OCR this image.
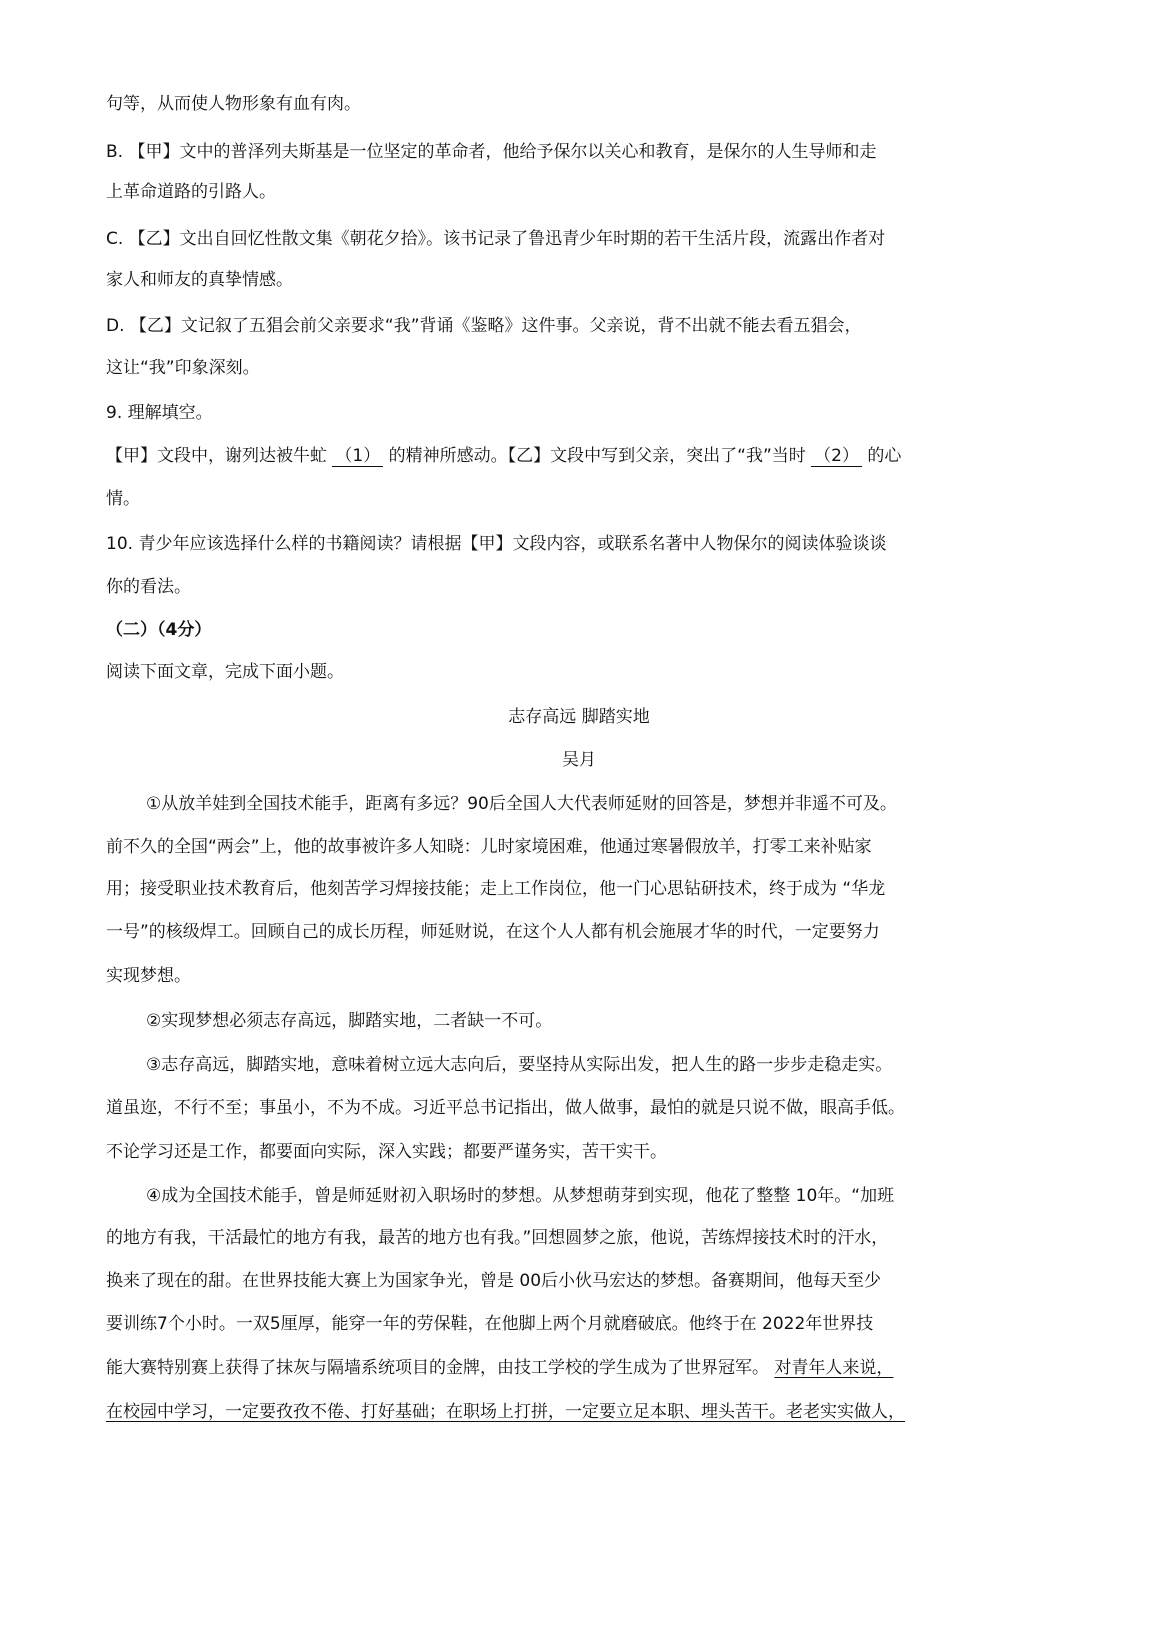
句等，从而使人物形象有血有肉。
B. 【甲】文中的普泽列夫斯基是一位坚定的革命者，他给予保尔以关心和教育，是保尔的人生导师和走
上革命道路的引路人。
C. 【乙】文出自回忆性散文集《朝花夕拾》。该书记录了鲁迅青少年时期的若干生活片段，流露出作者对
家人和师友的真挚情感。
D. 【乙】文记叙了五猖会前父亲要求“我”背诵《鉴略》这件事。父亲说，背不出就不能去看五猖会，
这让“我”印象深刻。
9. 理解填空。
【甲】文段中，谢列达被牛虻 （1） 的精神所感动。【乙】文段中写到父亲，突出了“我”当时 （2） 的心
情。
10. 青少年应该选择什么样的书籍阅读？请根据【甲】文段内容，或联系名著中人物保尔的阅读体验谈谈
你的看法。
（二）（4分）
阅读下面文章，完成下面小题。
志存高远 脚踏实地
吴月
①从放羊娃到全国技术能手，距离有多远？90后全国人大代表师延财的回答是，梦想并非遥不可及。
前不久的全国“两会”上，他的故事被许多人知晓：儿时家境困难，他通过寒暑假放羊，打零工来补贴家
用；接受职业技术教育后，他刻苦学习焊接技能；走上工作岗位，他一门心思钻研技术，终于成为 “华龙
一号”的核级焊工。回顾自己的成长历程，师延财说，在这个人人都有机会施展才华的时代，一定要努力
实现梦想。
②实现梦想必须志存高远，脚踏实地，二者缺一不可。
③志存高远，脚踏实地，意味着树立远大志向后，要坚持从实际出发，把人生的路一步步走稳走实。
道虽迩，不行不至；事虽小，不为不成。习近平总书记指出，做人做事，最怕的就是只说不做，眼高手低。
不论学习还是工作，都要面向实际，深入实践；都要严谨务实，苦干实干。
④成为全国技术能手，曾是师延财初入职场时的梦想。从梦想萌芽到实现，他花了整整 10年。“加班
的地方有我，干活最忙的地方有我，最苦的地方也有我。”回想圆梦之旅，他说，苦练焊接技术时的汗水，
换来了现在的甜。在世界技能大赛上为国家争光，曾是 00后小伙马宏达的梦想。备赛期间，他每天至少
要训练7个小时。一双5厘厚，能穿一年的劳保鞋，在他脚上两个月就磨破底。他终于在 2022年世界技
能大赛特别赛上获得了抹灰与隔墙系统项目的金牌，由技工学校的学生成为了世界冠军。 对青年人来说，
在校园中学习，一定要孜孜不倦、打好基础；在职场上打拼，一定要立足本职、埋头苦干。老老实实做人，
